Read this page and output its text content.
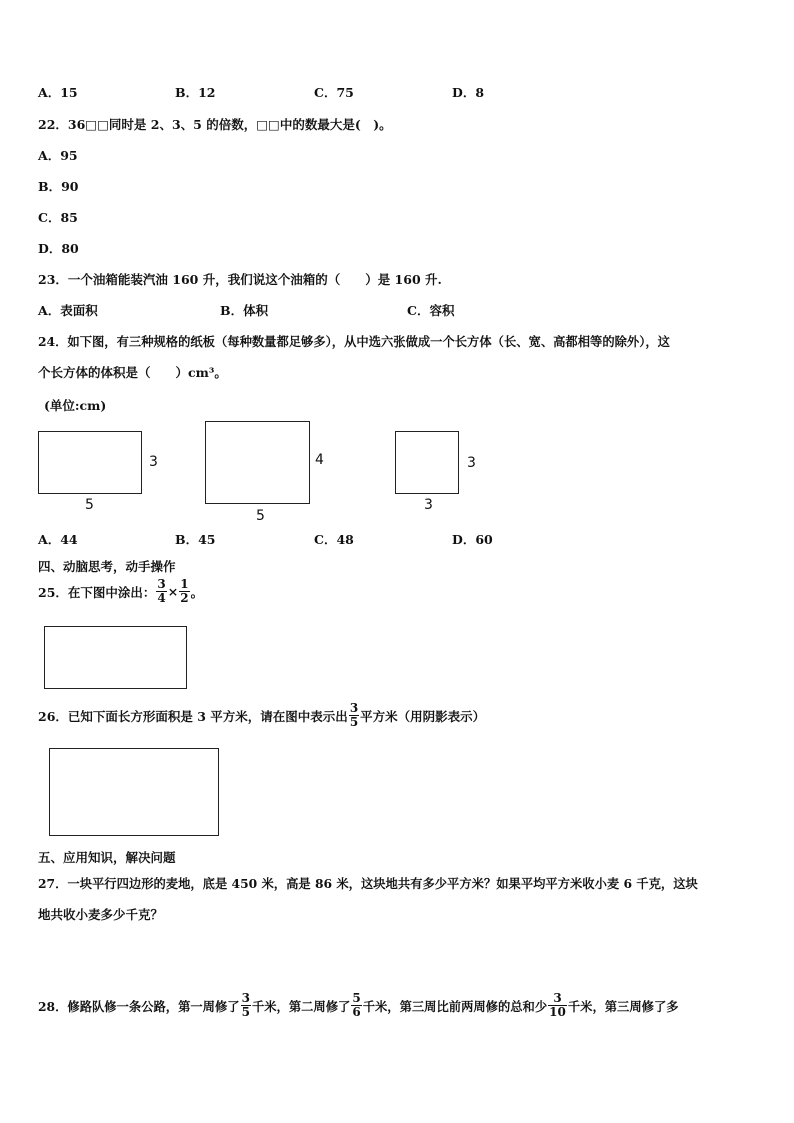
A．15	B．12	C．75	D．8
22．36□□同时是 2、3、5 的倍数，□□中的数最大是(　)。
A．95
B．90
C．85
D．80
23．一个油箱能装汽油 160 升，我们说这个油箱的（　　）是 160 升.
A．表面积	B．体积	C．容积
24．如下图，有三种规格的纸板（每种数量都足够多），从中选六张做成一个长方体（长、宽、高都相等的除外），这
个长方体的体积是（　　）cm³。
(单位:cm)
3
5
4
5
3
3
A．44	B．45	C．48	D．60
四、动脑思考，动手操作
25．在下图中涂出： $\frac{3}{4} \times \frac{1}{2}$ 。
26．已知下面长方形面积是 3 平方米，请在图中表示出 $\frac{3}{5}$ 平方米（用阴影表示）
五、应用知识，解决问题
27．一块平行四边形的麦地，底是 450 米，高是 86 米，这块地共有多少平方米？如果平均平方米收小麦 6 千克，这块
地共收小麦多少千克？
28．修路队修一条公路，第一周修了 $\frac{3}{5}$ 千米，第二周修了 $\frac{5}{6}$ 千米，第三周比前两周修的总和少 $\frac{3}{10}$ 千米，第三周修了多
